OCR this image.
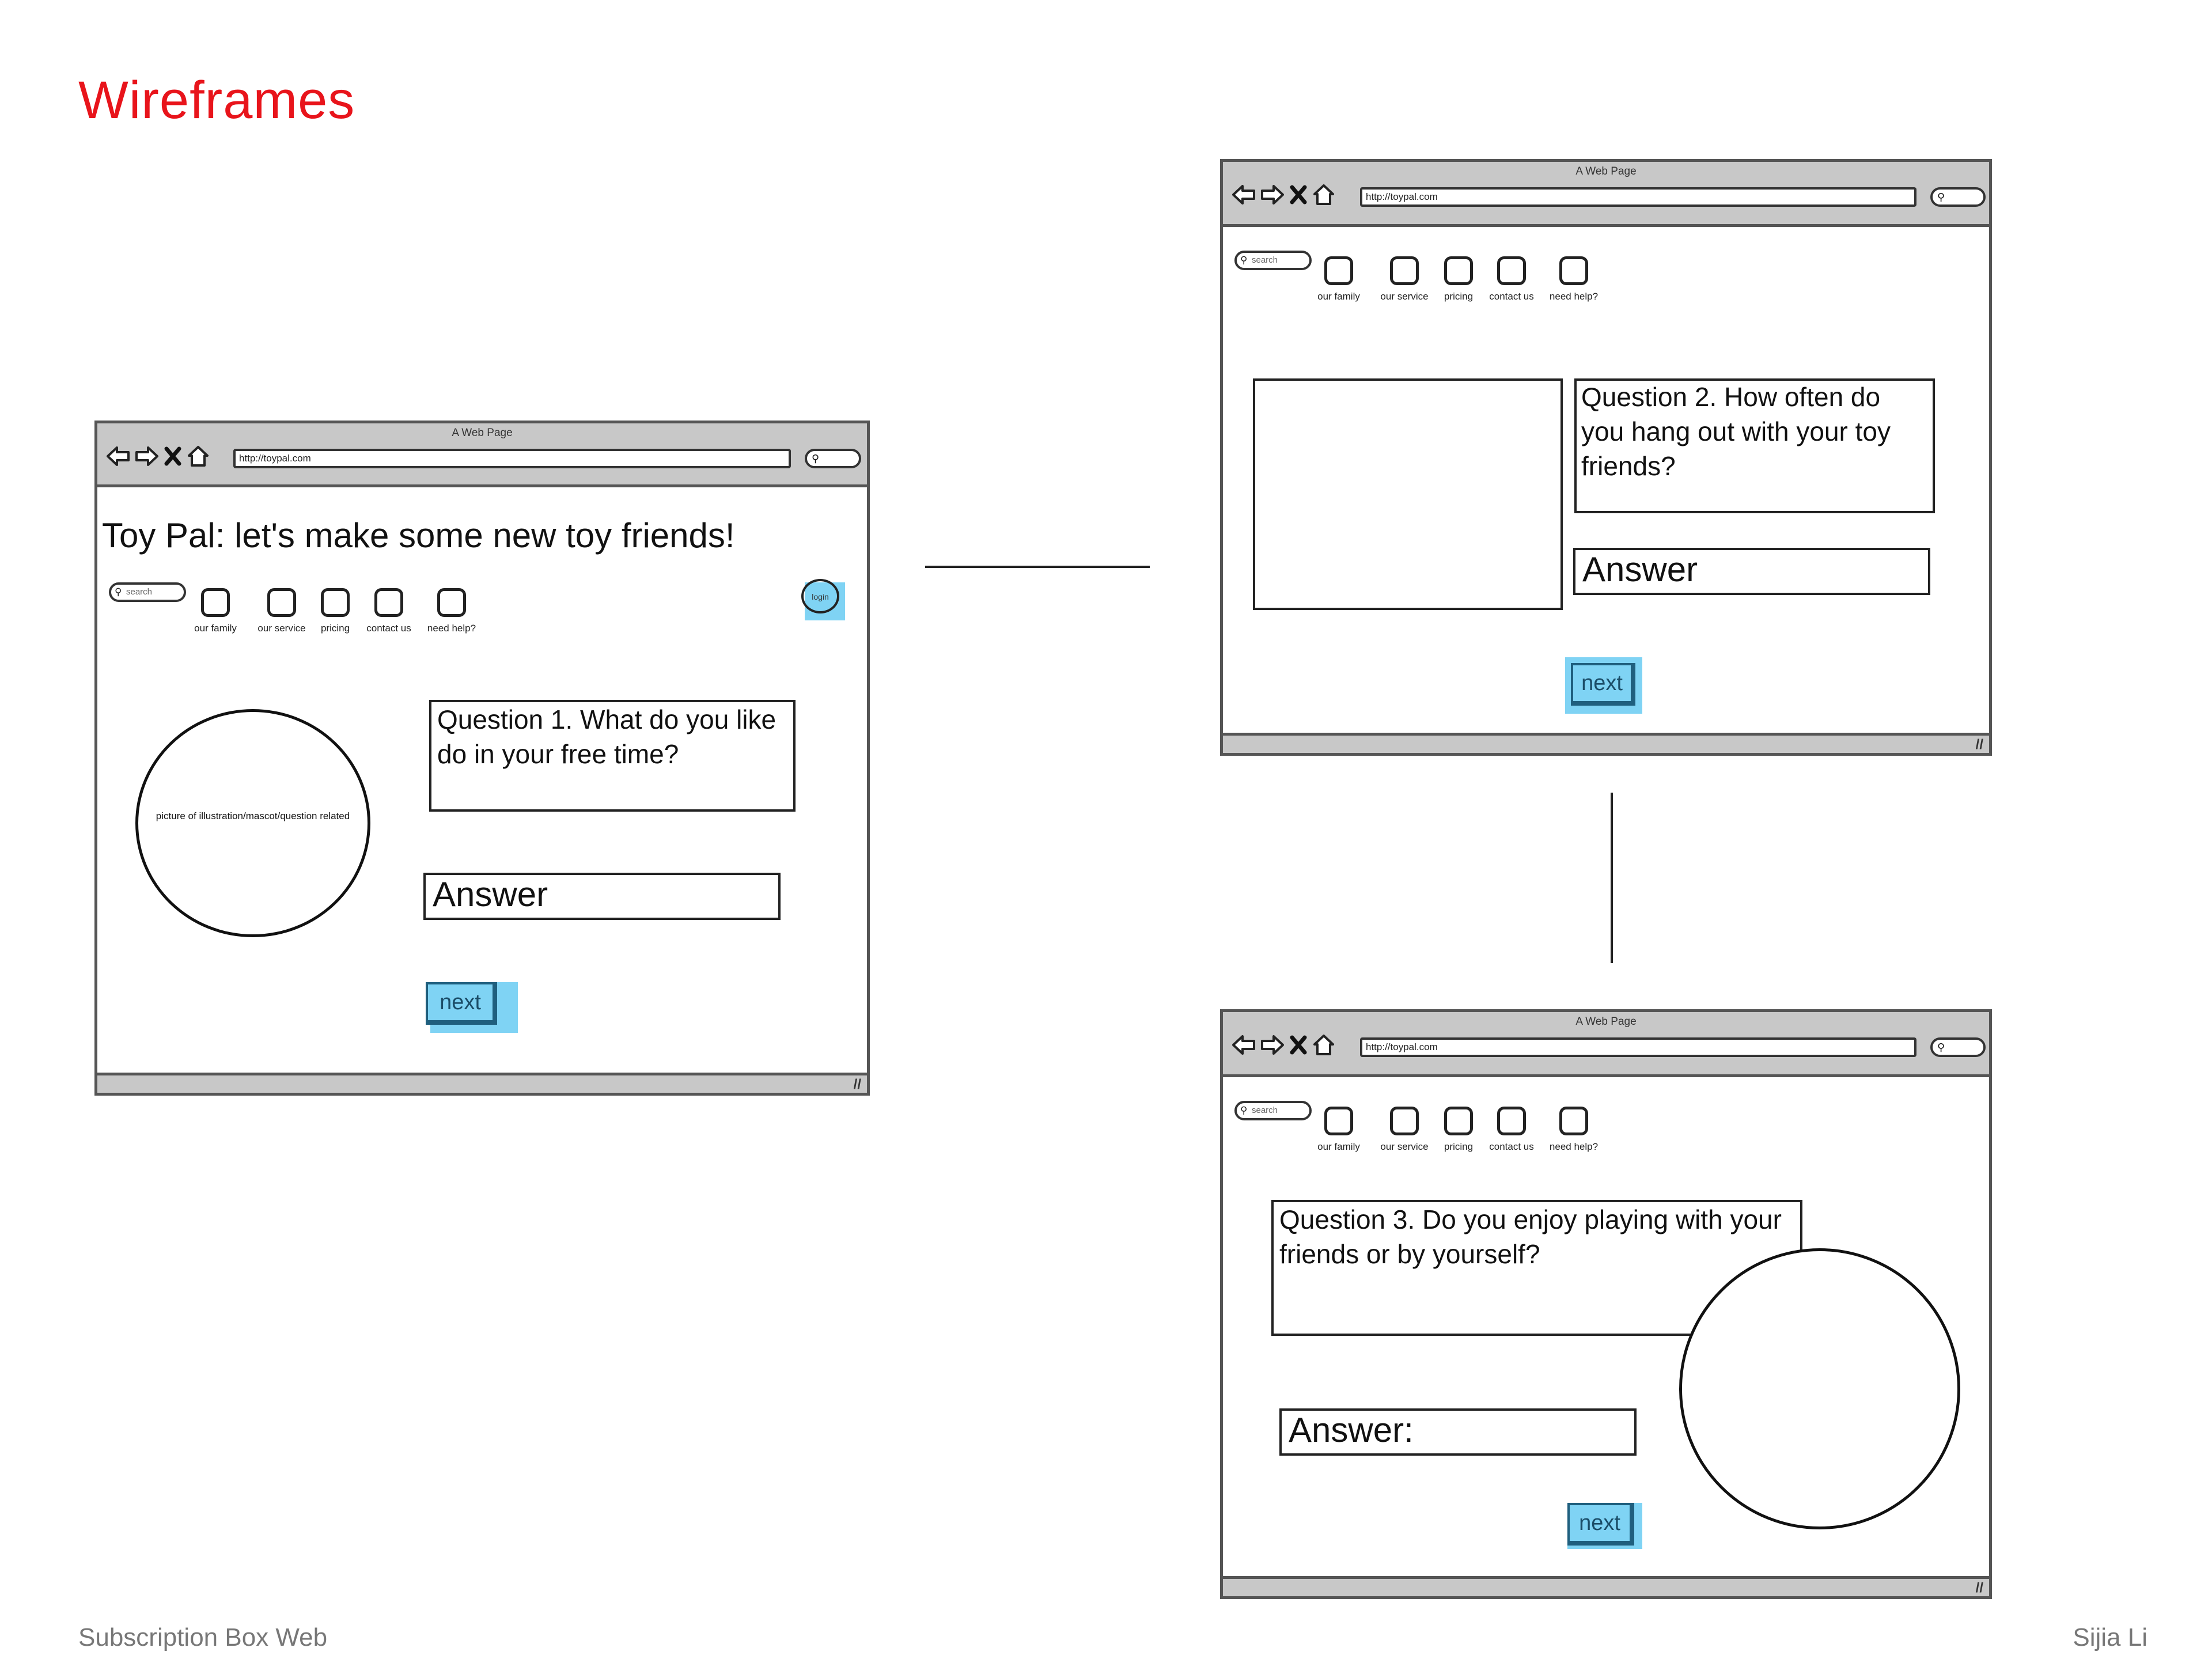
Wireframes
Subscription Box Web	Sijia Li
A Web Page
http://toypal.com	⚲
Toy Pal: let's make some new toy friends!
⚲ search
our family our service pricing contact us need help?
login
picture of illustration/mascot/question related
Question 1. What do you like do in your free time?
Answer
next
//
A Web Page
http://toypal.com	⚲
⚲ search
our family our service pricing contact us need help?
Question 2. How often do you hang out with your toy friends?
Answer
next
//
A Web Page
http://toypal.com	⚲
⚲ search
our family our service pricing contact us need help?
Question 3. Do you enjoy playing with your friends or by yourself?
Answer:
next
//
